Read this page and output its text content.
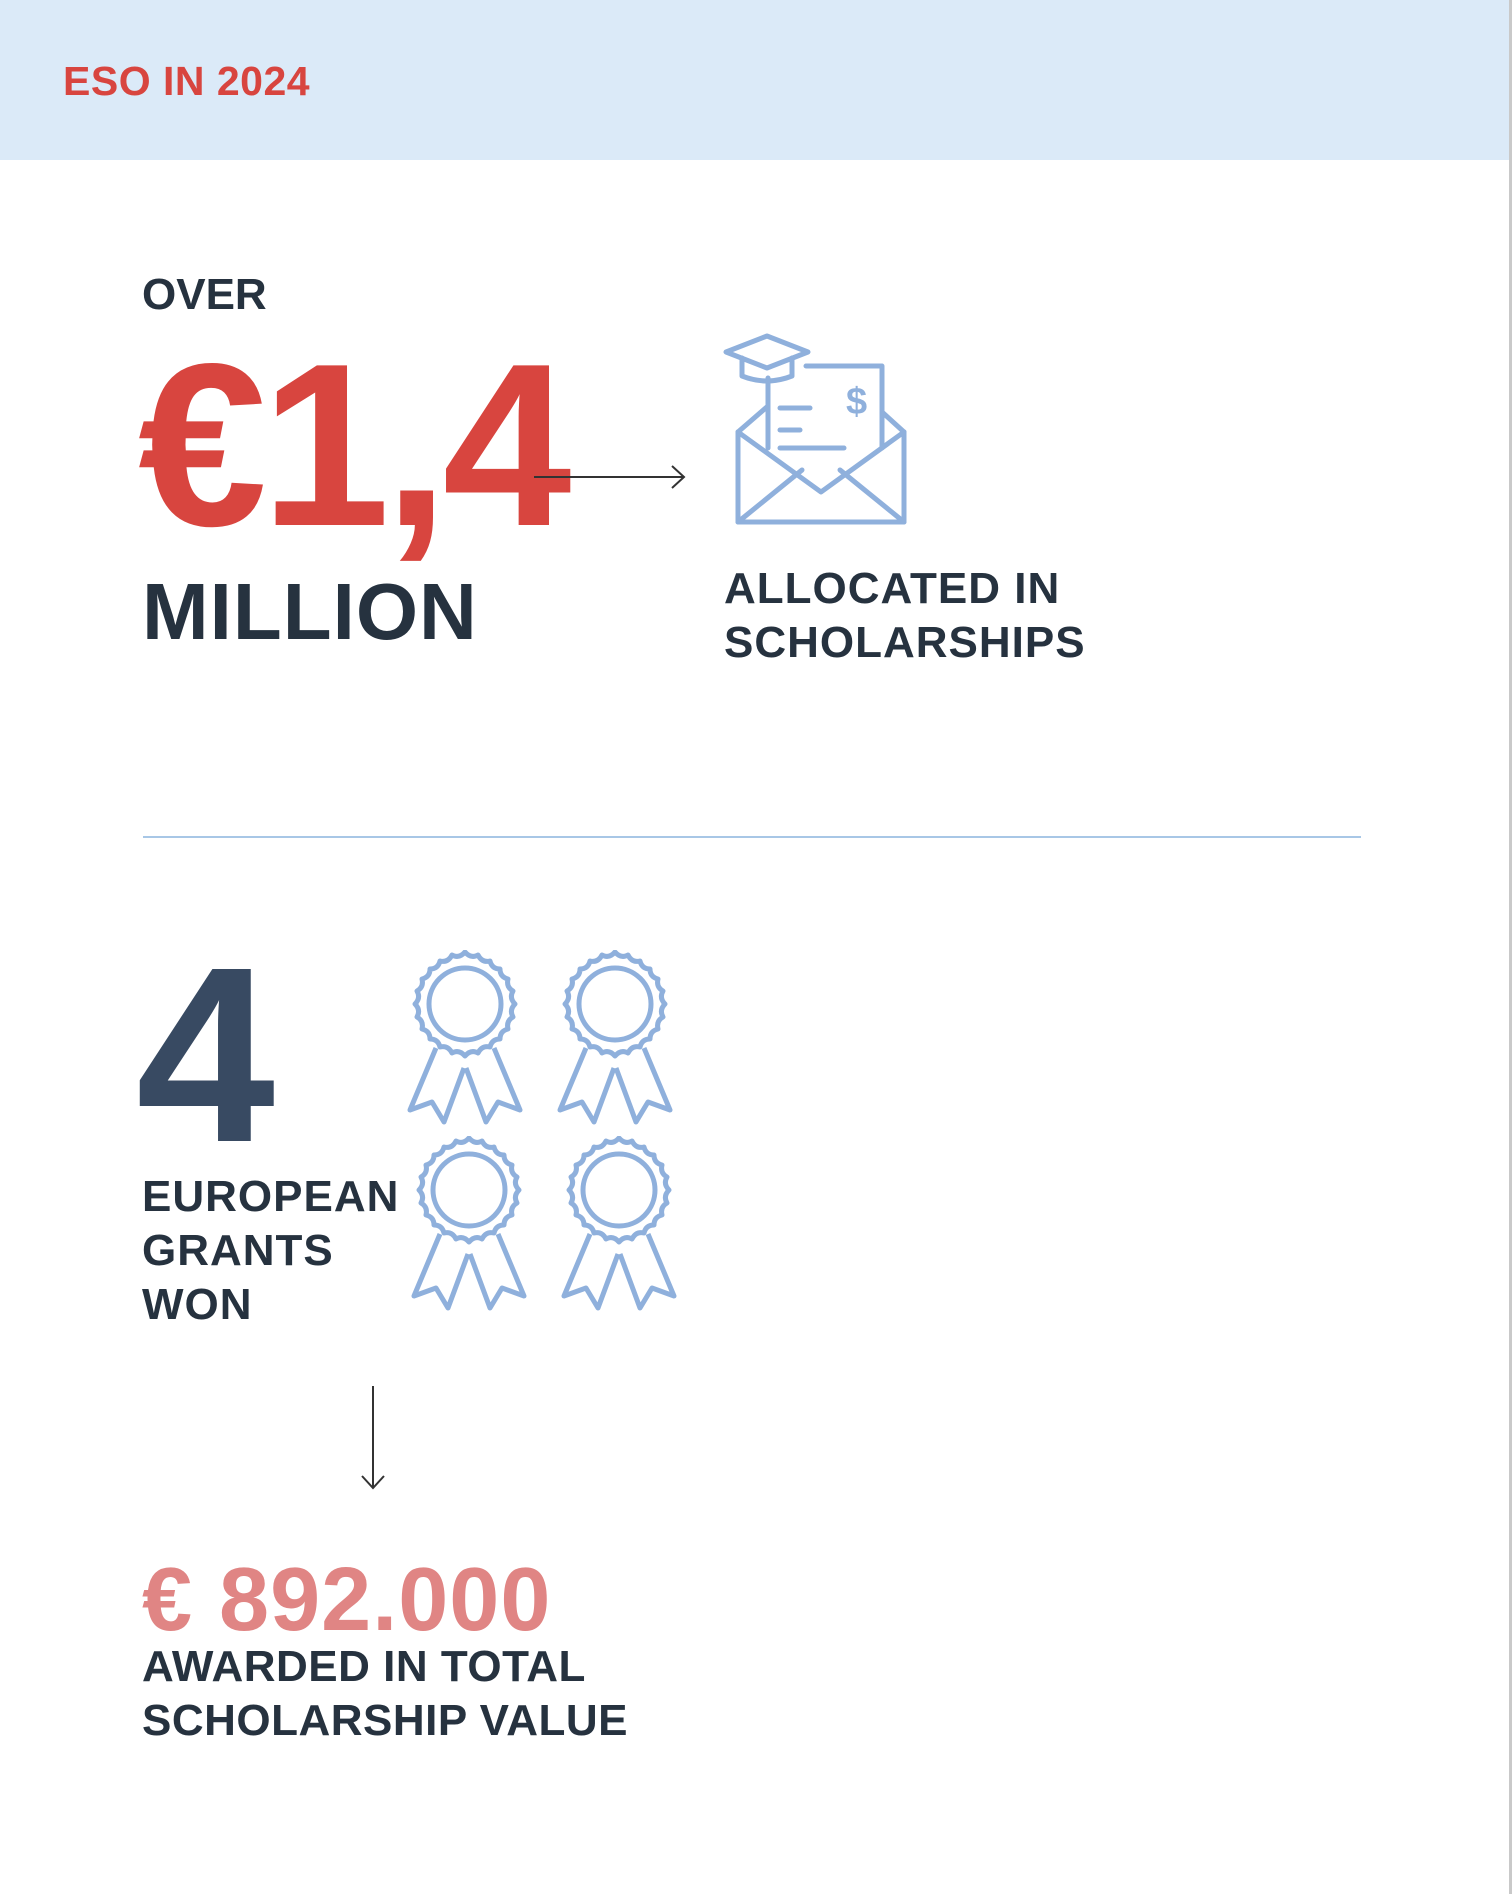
ESO IN 2024
OVER
€1,4
MILLION
$
ALLOCATED IN
SCHOLARSHIPS
4
EUROPEAN
GRANTS
WON
€ 892.000
AWARDED IN TOTAL
SCHOLARSHIP VALUE
